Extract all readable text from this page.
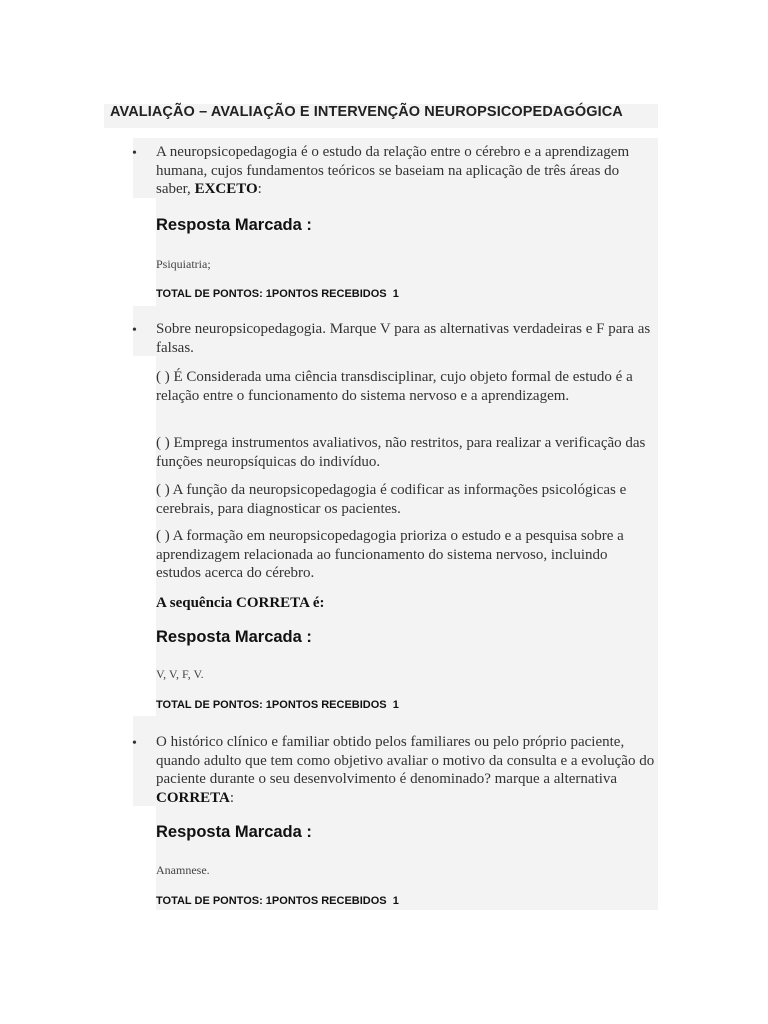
AVALIAÇÃO – AVALIAÇÃO E INTERVENÇÃO NEUROPSICOPEDAGÓGICA
• A neuropsicopedagogia é o estudo da relação entre o cérebro e a aprendizagem humana, cujos fundamentos teóricos se baseiam na aplicação de três áreas do saber, EXCETO:
Resposta Marcada :
Psiquiatria;
TOTAL DE PONTOS: 1PONTOS RECEBIDOS  1
• Sobre neuropsicopedagogia. Marque V para as alternativas verdadeiras e F para as falsas.
( ) É Considerada uma ciência transdisciplinar, cujo objeto formal de estudo é a relação entre o funcionamento do sistema nervoso e a aprendizagem.
( ) Emprega instrumentos avaliativos, não restritos, para realizar a verificação das funções neuropsíquicas do indivíduo.
( ) A função da neuropsicopedagogia é codificar as informações psicológicas e cerebrais, para diagnosticar os pacientes.
( ) A formação em neuropsicopedagogia prioriza o estudo e a pesquisa sobre a aprendizagem relacionada ao funcionamento do sistema nervoso, incluindo estudos acerca do cérebro.
A sequência CORRETA é:
Resposta Marcada :
V, V, F, V.
TOTAL DE PONTOS: 1PONTOS RECEBIDOS  1
• O histórico clínico e familiar obtido pelos familiares ou pelo próprio paciente, quando adulto que tem como objetivo avaliar o motivo da consulta e a evolução do paciente durante o seu desenvolvimento é denominado? marque a alternativa CORRETA:
Resposta Marcada :
Anamnese.
TOTAL DE PONTOS: 1PONTOS RECEBIDOS  1
